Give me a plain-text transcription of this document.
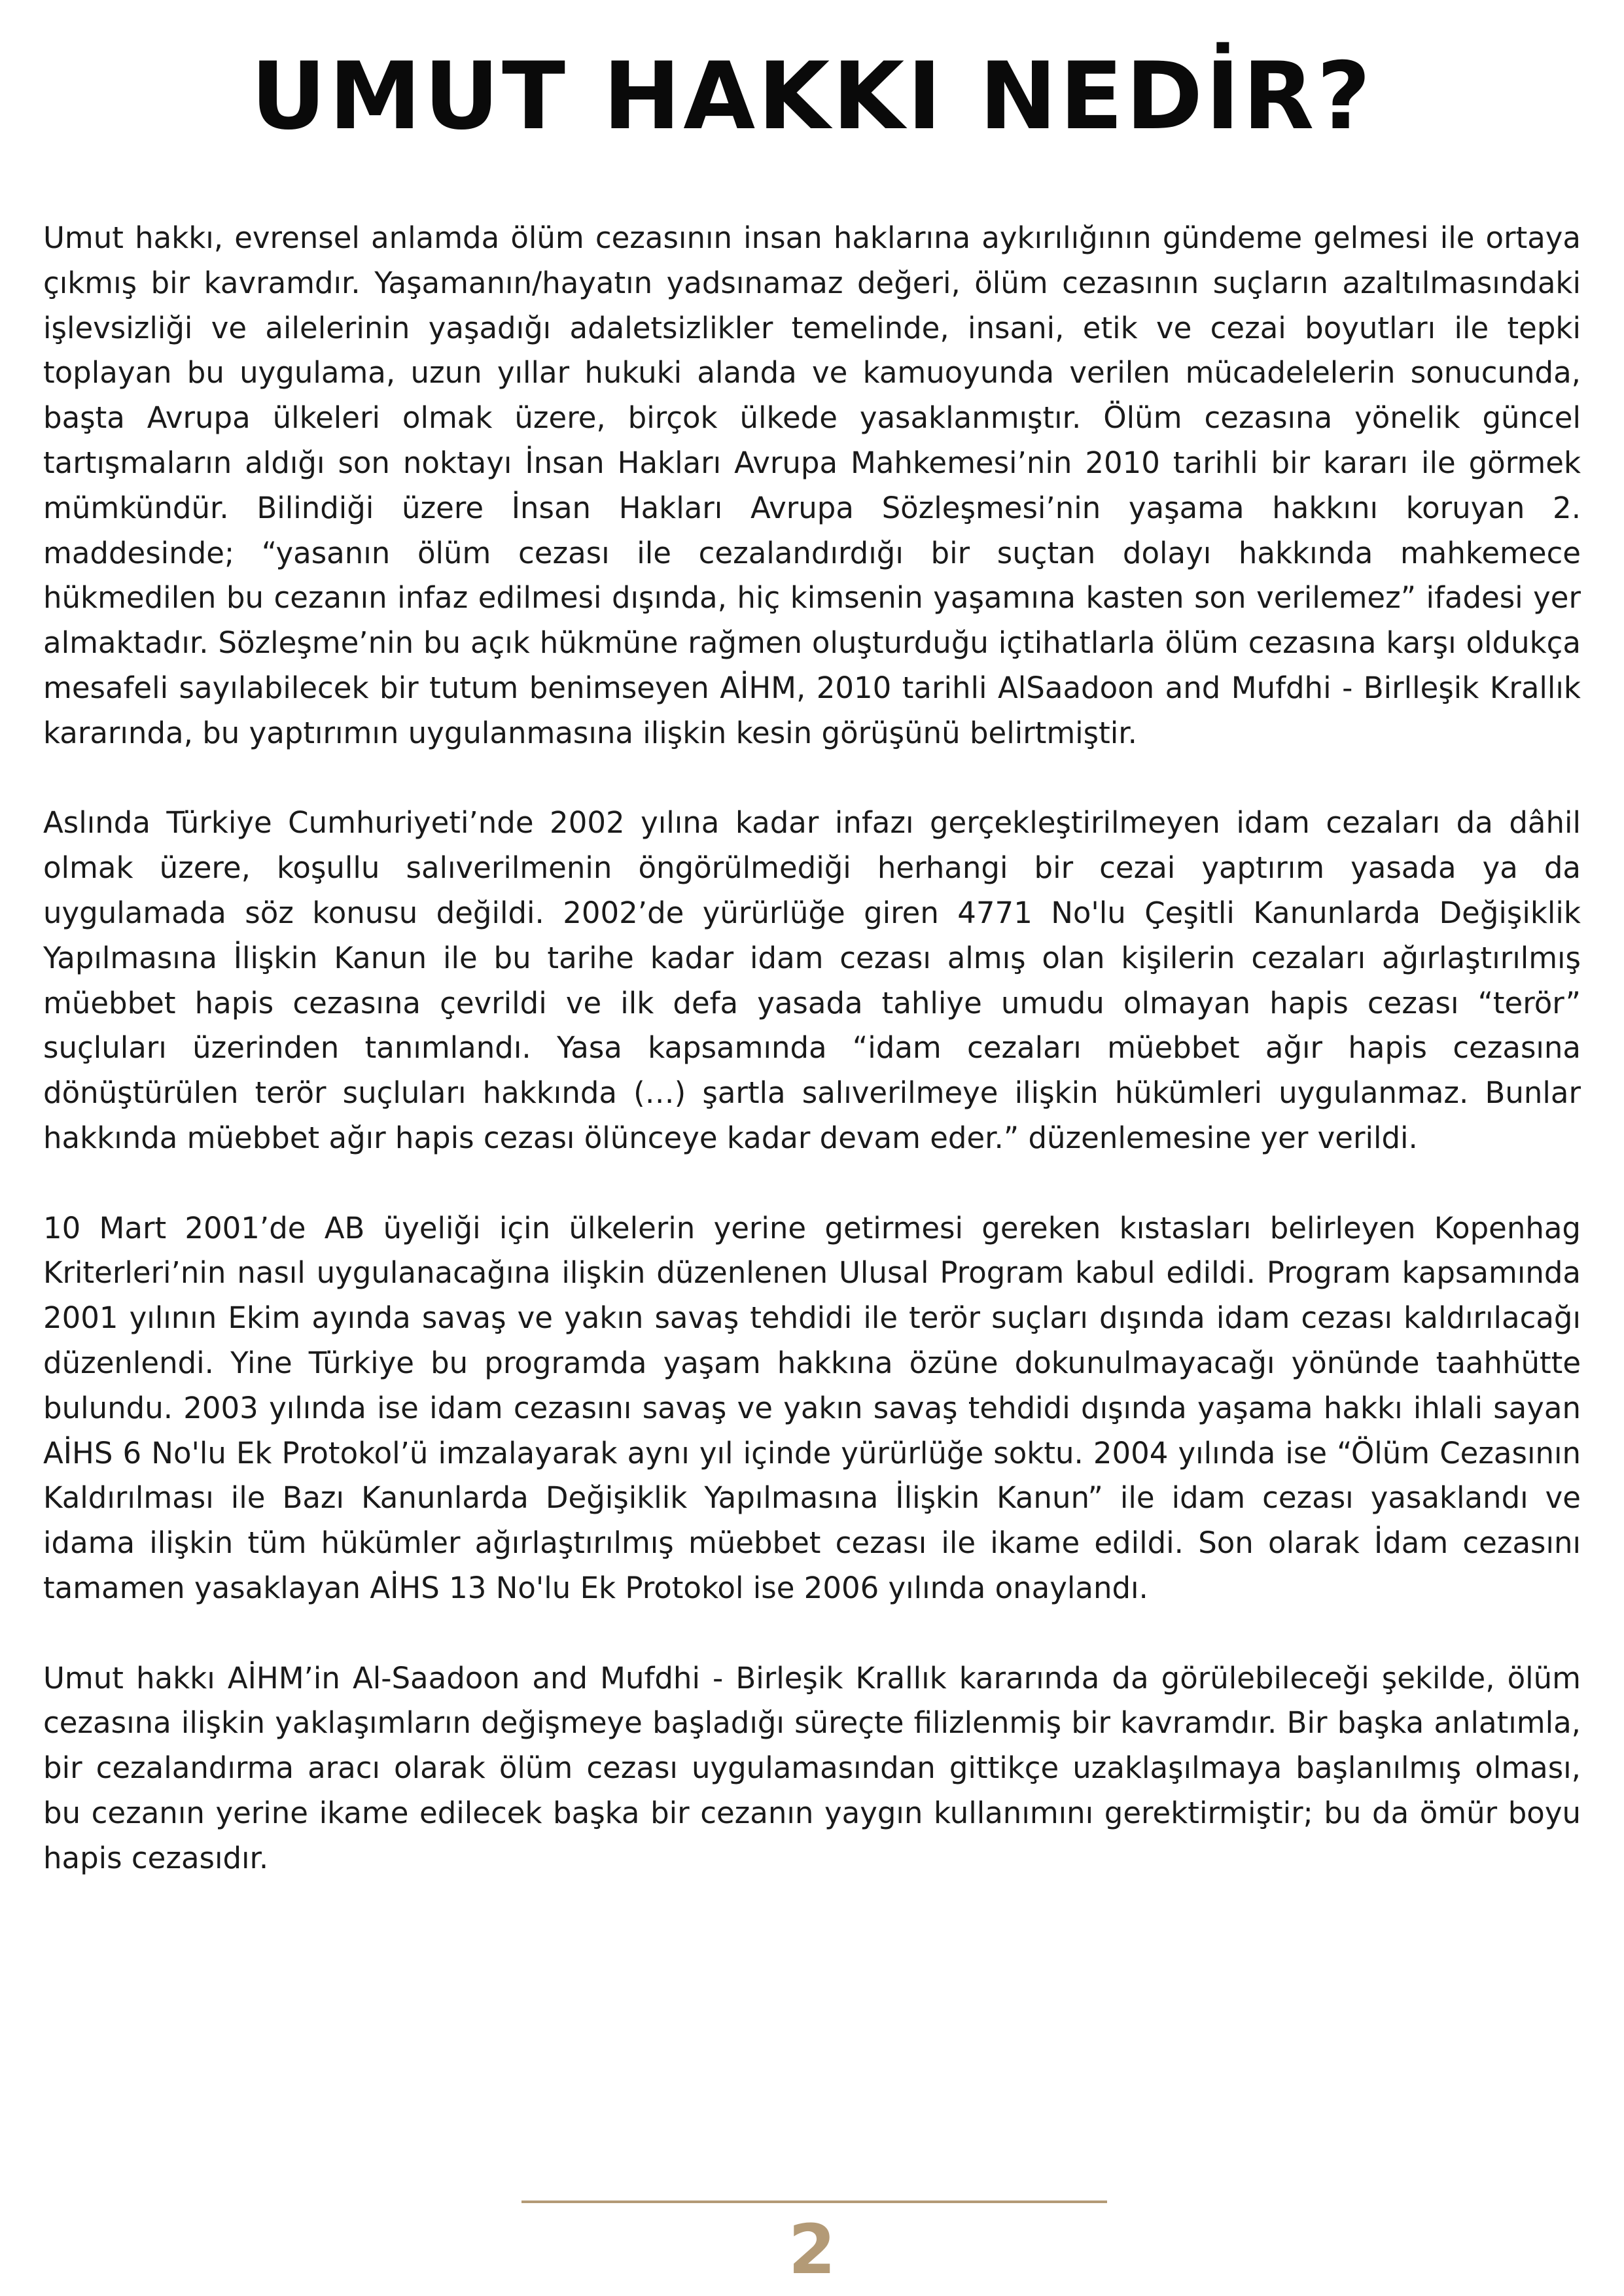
UMUT HAKKI NEDİR?

Umut hakkı, evrensel anlamda ölüm cezasının insan haklarına aykırılığının gündeme gelmesi ile ortaya çıkmış bir kavramdır. Yaşamanın/hayatın yadsınamaz değeri, ölüm cezasının suçların azaltılmasındaki işlevsizliği ve ailelerinin yaşadığı adaletsizlikler temelinde, insani, etik ve cezai boyutları ile tepki toplayan bu uygulama, uzun yıllar hukuki alanda ve kamuoyunda verilen mücadelelerin sonucunda, başta Avrupa ülkeleri olmak üzere, birçok ülkede yasaklanmıştır. Ölüm cezasına yönelik güncel tartışmaların aldığı son noktayı İnsan Hakları Avrupa Mahkemesi’nin 2010 tarihli bir kararı ile görmek mümkündür. Bilindiği üzere İnsan Hakları Avrupa Sözleşmesi’nin yaşama hakkını koruyan 2. maddesinde; “yasanın ölüm cezası ile cezalandırdığı bir suçtan dolayı hakkında mahkemece hükmedilen bu cezanın infaz edilmesi dışında, hiç kimsenin yaşamına kasten son verilemez” ifadesi yer almaktadır. Sözleşme’nin bu açık hükmüne rağmen oluşturduğu içtihatlarla ölüm cezasına karşı oldukça mesafeli sayılabilecek bir tutum benimseyen AİHM, 2010 tarihli AlSaadoon and Mufdhi - Birlleşik Krallık kararında, bu yaptırımın uygulanmasına ilişkin kesin görüşünü belirtmiştir.

Aslında Türkiye Cumhuriyeti’nde 2002 yılına kadar infazı gerçekleştirilmeyen idam cezaları da dâhil olmak üzere, koşullu salıverilmenin öngörülmediği herhangi bir cezai yaptırım yasada ya da uygulamada söz konusu değildi. 2002’de yürürlüğe giren 4771 No'lu Çeşitli Kanunlarda Değişiklik Yapılmasına İlişkin Kanun ile bu tarihe kadar idam cezası almış olan kişilerin cezaları ağırlaştırılmış müebbet hapis cezasına çevrildi ve ilk defa yasada tahliye umudu olmayan hapis cezası “terör” suçluları üzerinden tanımlandı. Yasa kapsamında “idam cezaları müebbet ağır hapis cezasına dönüştürülen terör suçluları hakkında (…) şartla salıverilmeye ilişkin hükümleri uygulanmaz. Bunlar hakkında müebbet ağır hapis cezası ölünceye kadar devam eder.” düzenlemesine yer verildi.

10 Mart 2001’de AB üyeliği için ülkelerin yerine getirmesi gereken kıstasları belirleyen Kopenhag Kriterleri’nin nasıl uygulanacağına ilişkin düzenlenen Ulusal Program kabul edildi. Program kapsamında 2001 yılının Ekim ayında savaş ve yakın savaş tehdidi ile terör suçları dışında idam cezası kaldırılacağı düzenlendi. Yine Türkiye bu programda yaşam hakkına özüne dokunulmayacağı yönünde taahhütte bulundu. 2003 yılında ise idam cezasını savaş ve yakın savaş tehdidi dışında yaşama hakkı ihlali sayan AİHS 6 No'lu Ek Protokol’ü imzalayarak aynı yıl içinde yürürlüğe soktu. 2004 yılında ise “Ölüm Cezasının Kaldırılması ile Bazı Kanunlarda Değişiklik Yapılmasına İlişkin Kanun” ile idam cezası yasaklandı ve idama ilişkin tüm hükümler ağırlaştırılmış müebbet cezası ile ikame edildi. Son olarak İdam cezasını tamamen yasaklayan AİHS 13 No'lu Ek Protokol ise 2006 yılında onaylandı.

Umut hakkı AİHM’in Al-Saadoon and Mufdhi - Birleşik Krallık kararında da görülebileceği şekilde, ölüm cezasına ilişkin yaklaşımların değişmeye başladığı süreçte filizlenmiş bir kavramdır. Bir başka anlatımla, bir cezalandırma aracı olarak ölüm cezası uygulamasından gittikçe uzaklaşılmaya başlanılmış olması, bu cezanın yerine ikame edilecek başka bir cezanın yaygın kullanımını gerektirmiştir; bu da ömür boyu hapis cezasıdır.

2
